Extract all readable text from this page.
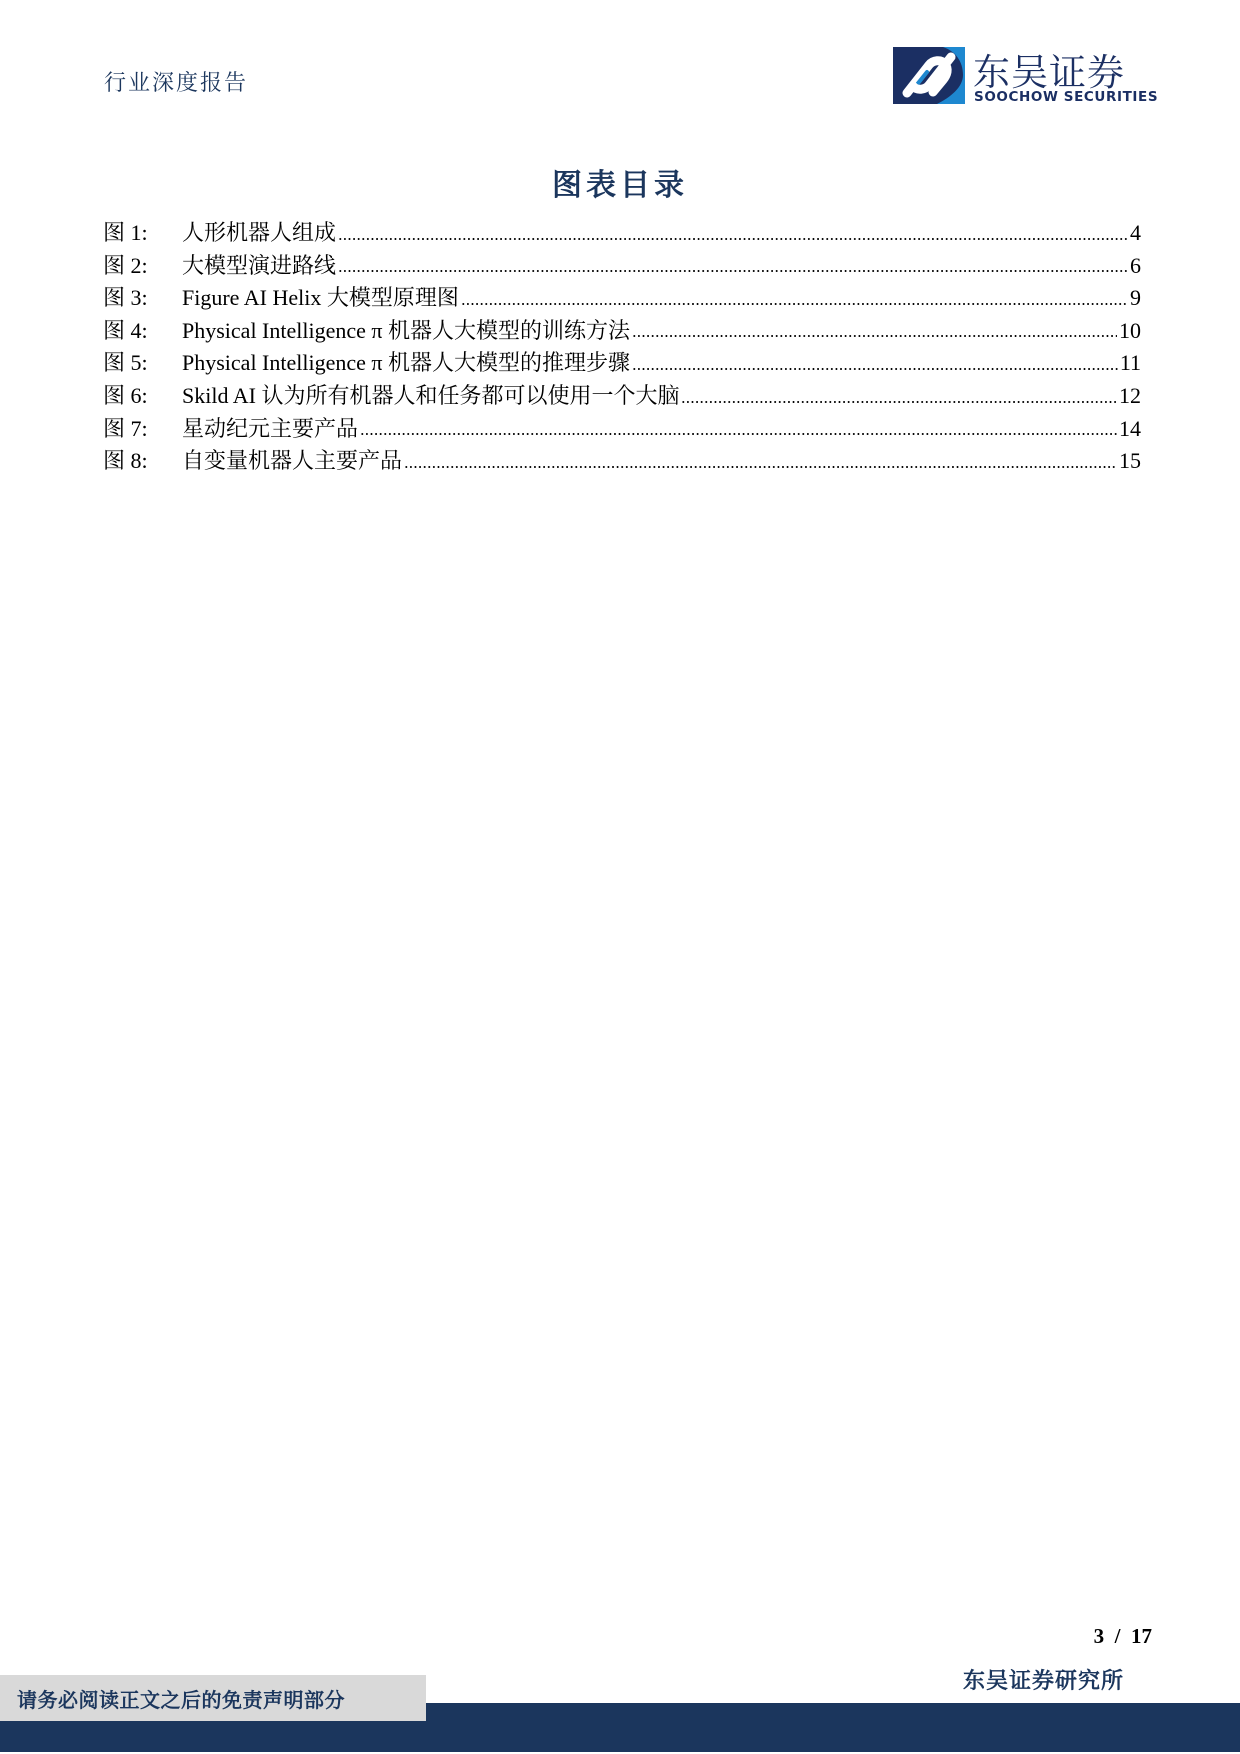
行业深度报告	东吴证券
SOOCHOW SECURITIES
图表目录
图 1:	人形机器人组成	4
图 2:	大模型演进路线	6
图 3:	Figure AI Helix 大模型原理图	9
图 4:	Physical Intelligence π 机器人大模型的训练方法	10
图 5:	Physical Intelligence π 机器人大模型的推理步骤	11
图 6:	Skild AI 认为所有机器人和任务都可以使用一个大脑	12
图 7:	星动纪元主要产品	14
图 8:	自变量机器人主要产品	15
3  /  17
东吴证券研究所
请务必阅读正文之后的免责声明部分
